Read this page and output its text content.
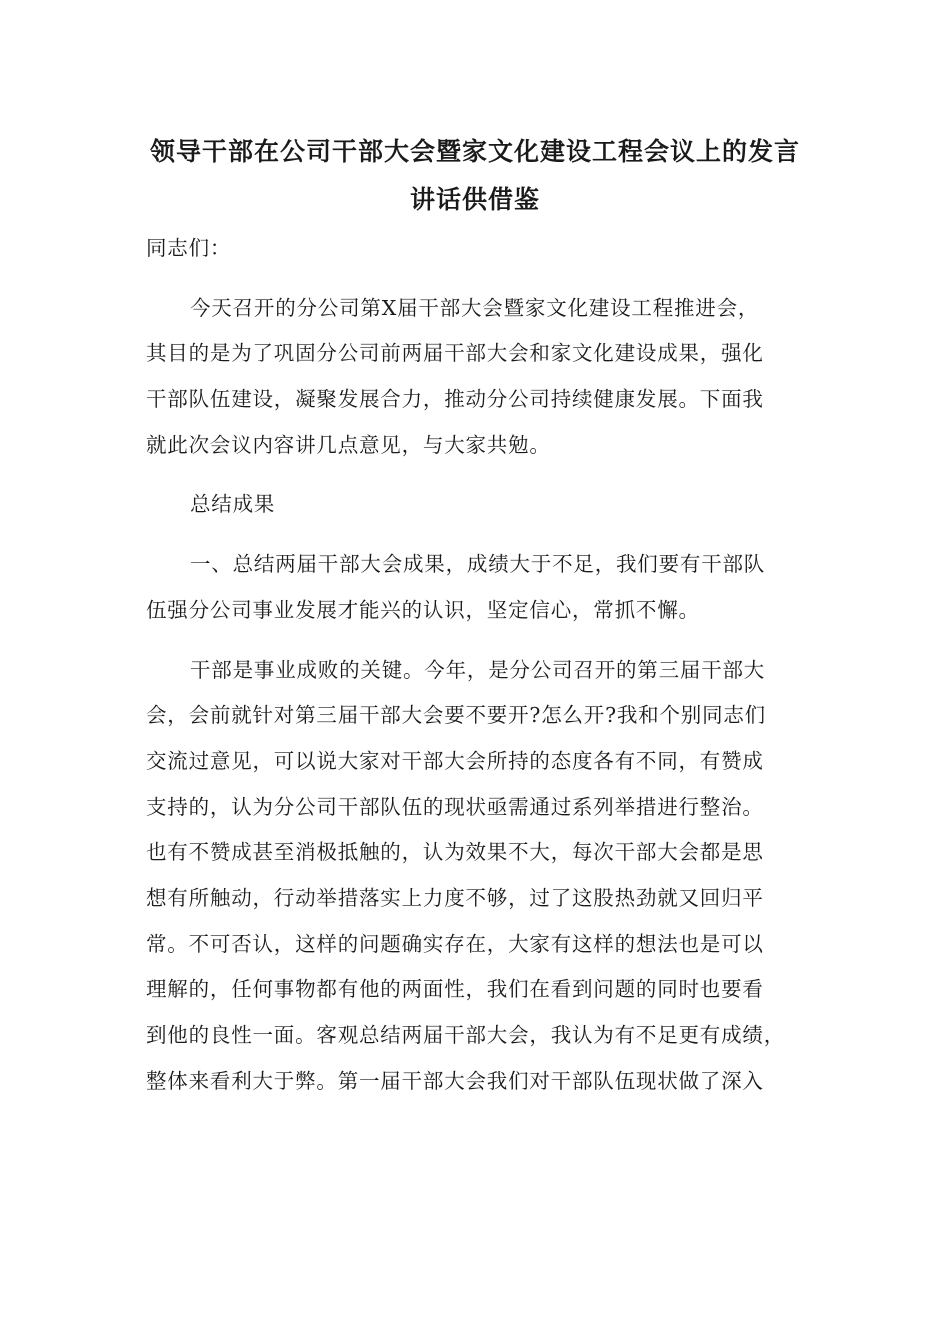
领导干部在公司干部大会暨家文化建设工程会议上的发言
讲话供借鉴
同志们：
今天召开的分公司第X届干部大会暨家文化建设工程推进会，
其目的是为了巩固分公司前两届干部大会和家文化建设成果，强化
干部队伍建设，凝聚发展合力，推动分公司持续健康发展。下面我
就此次会议内容讲几点意见，与大家共勉。
总结成果
一、总结两届干部大会成果，成绩大于不足，我们要有干部队
伍强分公司事业发展才能兴的认识，坚定信心，常抓不懈。
干部是事业成败的关键。今年，是分公司召开的第三届干部大
会，会前就针对第三届干部大会要不要开?怎么开?我和个别同志们
交流过意见，可以说大家对干部大会所持的态度各有不同，有赞成
支持的，认为分公司干部队伍的现状亟需通过系列举措进行整治。
也有不赞成甚至消极抵触的，认为效果不大，每次干部大会都是思
想有所触动，行动举措落实上力度不够，过了这股热劲就又回归平
常。不可否认，这样的问题确实存在，大家有这样的想法也是可以
理解的，任何事物都有他的两面性，我们在看到问题的同时也要看
到他的良性一面。客观总结两届干部大会，我认为有不足更有成绩，
整体来看利大于弊。第一届干部大会我们对干部队伍现状做了深入
